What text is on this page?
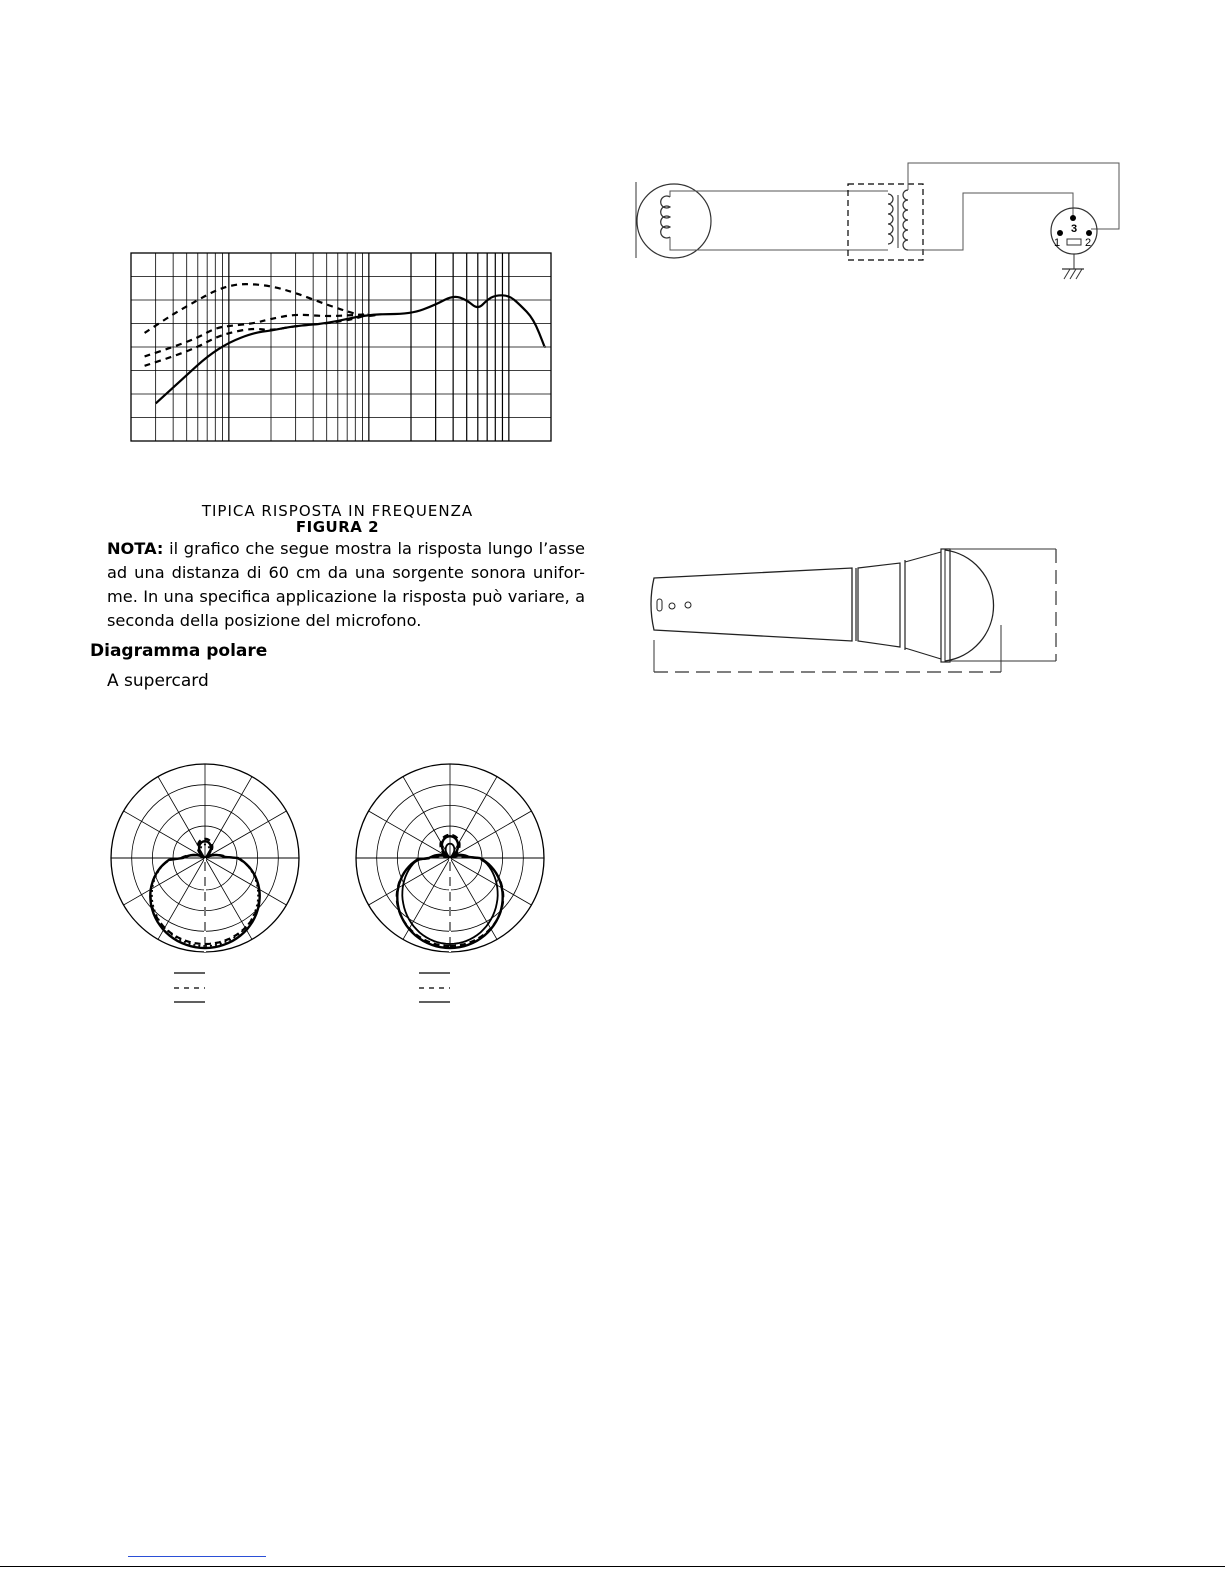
TIPICA RISPOSTA IN FREQUENZA

FIGURA 2

NOTA: il grafico che segue mostra la risposta lungo l’asse ad una distanza di 60 cm da una sorgente sonora unifor-me. In una specifica applicazione la risposta può variare, a seconda della posizione del microfono.

Diagramma polare

A supercard

3
1 2
